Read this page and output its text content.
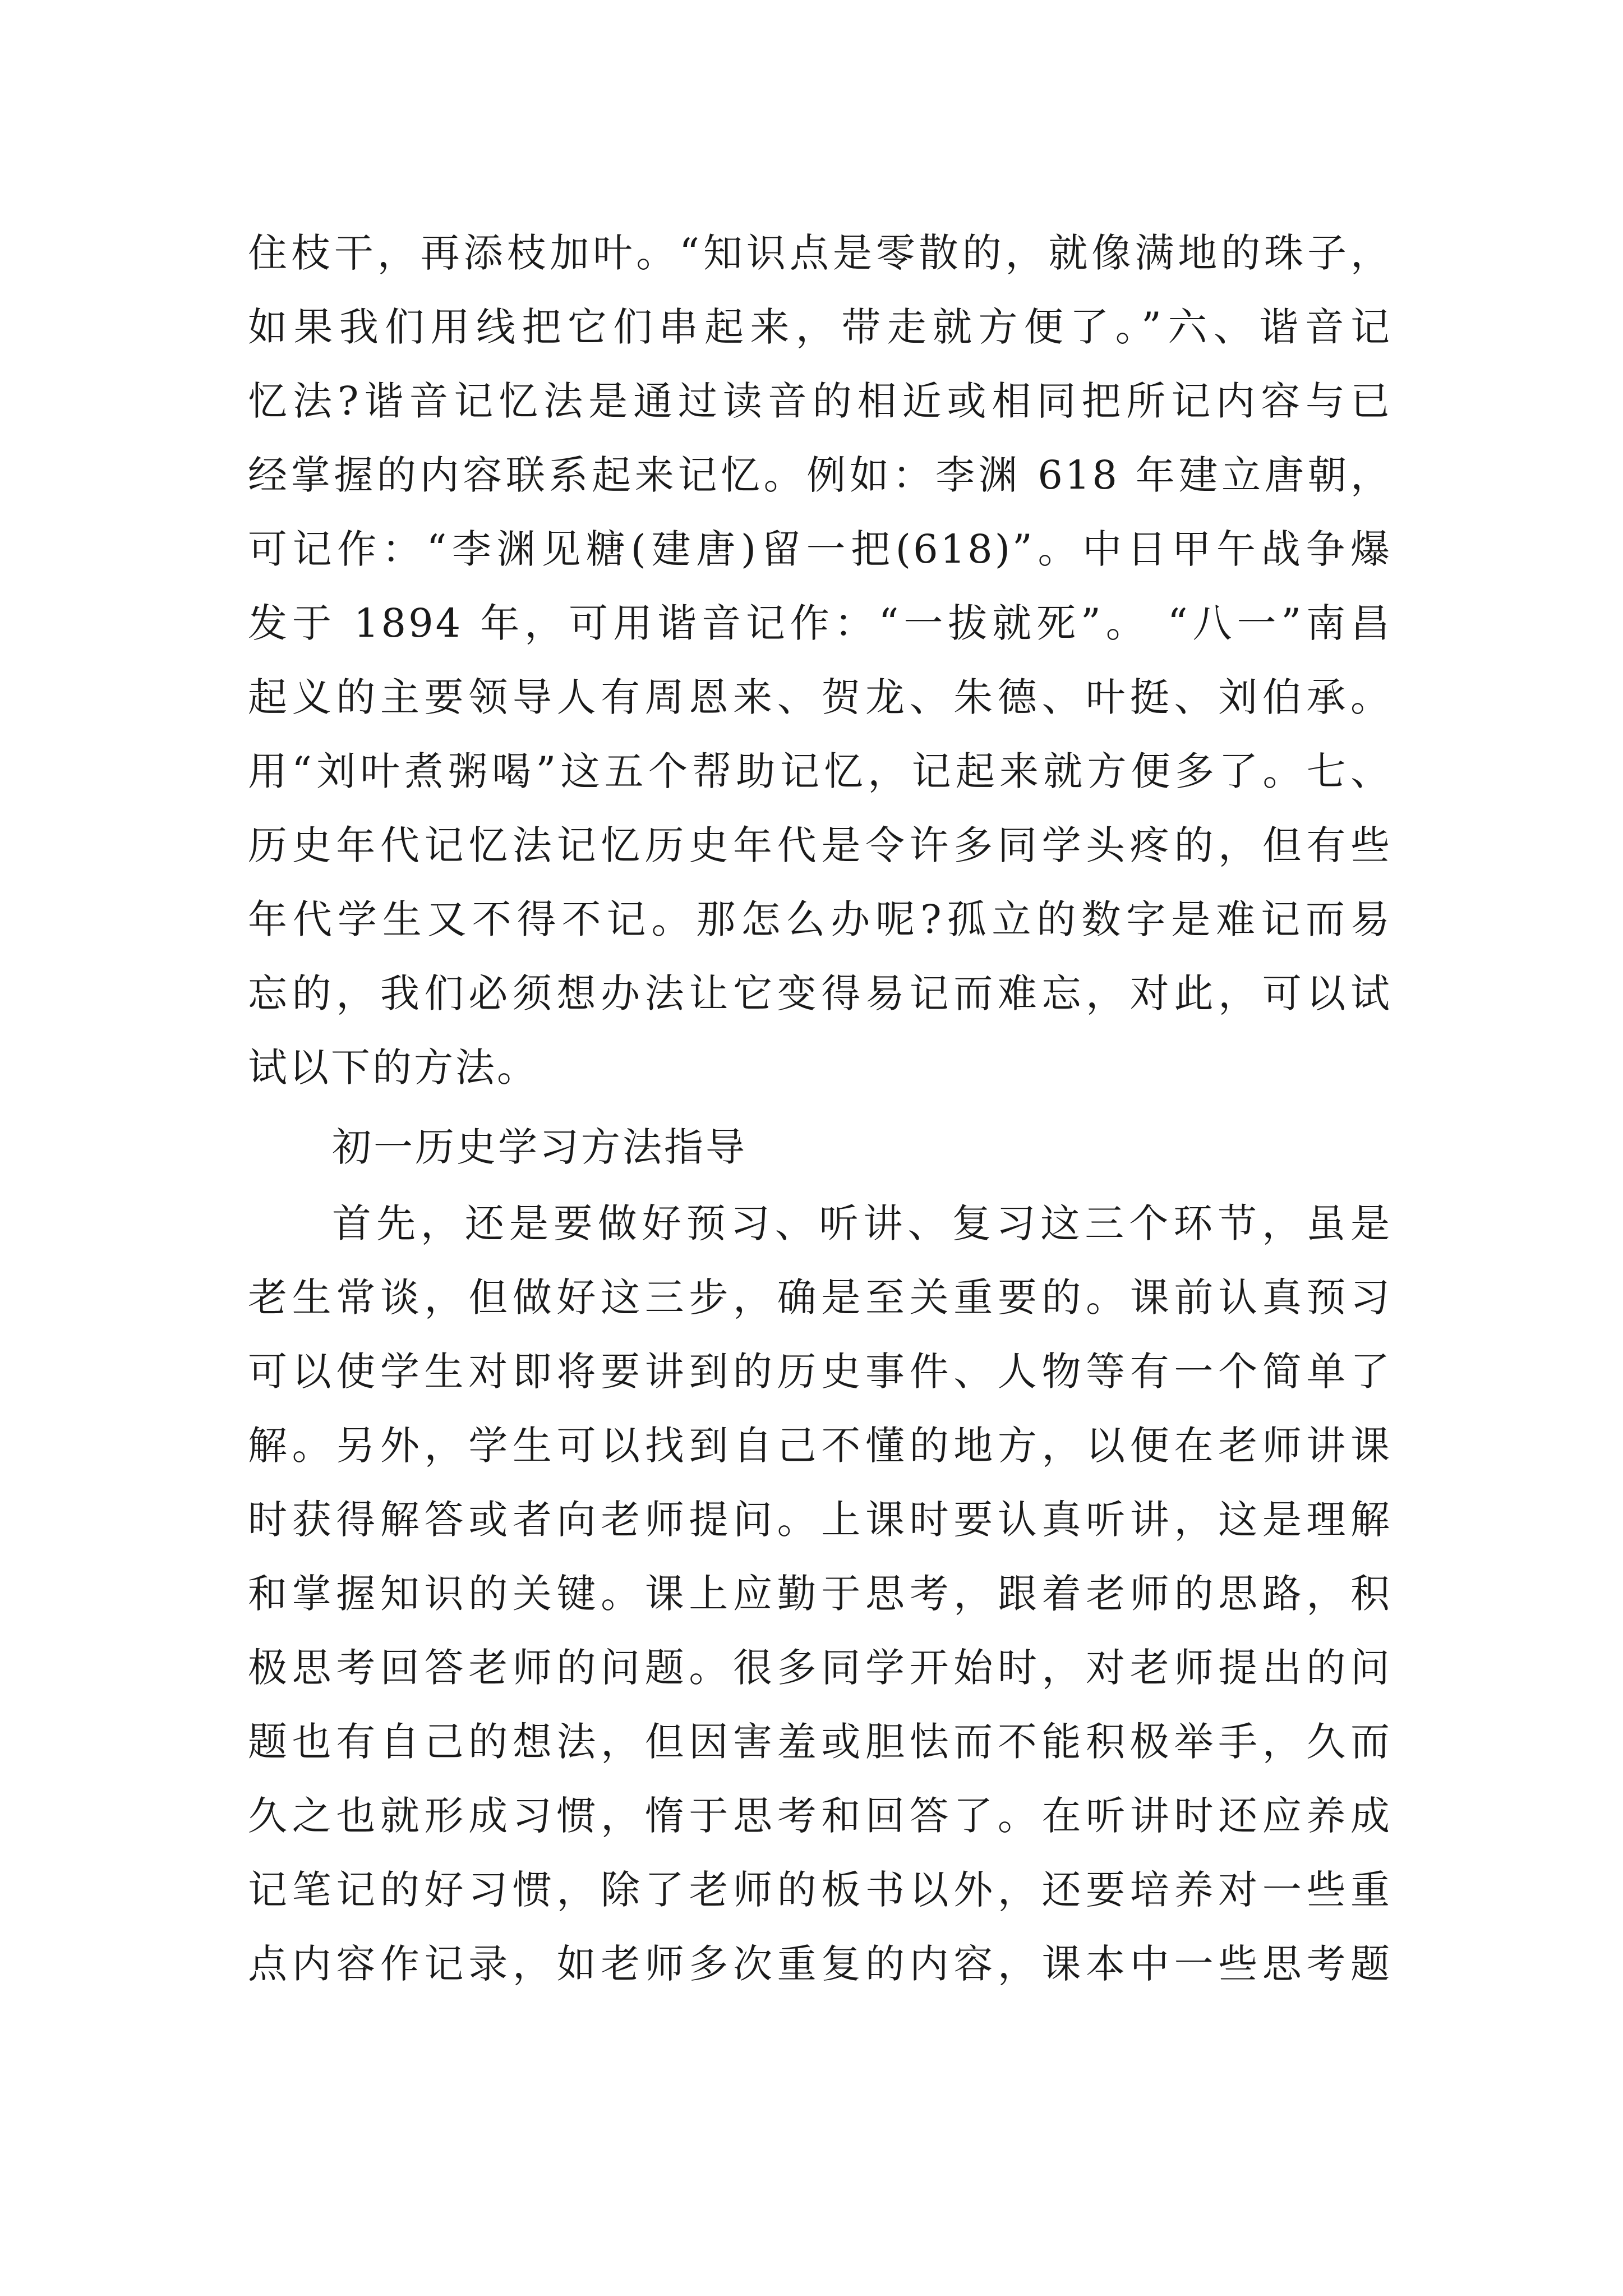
住枝干，再添枝加叶。“知识点是零散的，就像满地的珠子，
如果我们用线把它们串起来，带走就方便了。”六、谐音记
忆法?谐音记忆法是通过读音的相近或相同把所记内容与已
经掌握的内容联系起来记忆。例如：李渊 618 年建立唐朝，
可记作：“李渊见糖(建唐)留一把(618)”。中日甲午战争爆
发于 1894 年，可用谐音记作：“一拔就死”。 “八一”南昌
起义的主要领导人有周恩来、贺龙、朱德、叶挺、刘伯承。
用“刘叶煮粥喝”这五个帮助记忆，记起来就方便多了。七、
历史年代记忆法记忆历史年代是令许多同学头疼的，但有些
年代学生又不得不记。那怎么办呢?孤立的数字是难记而易
忘的，我们必须想办法让它变得易记而难忘，对此，可以试
试以下的方法。
初一历史学习方法指导
首先，还是要做好预习、听讲、复习这三个环节，虽是
老生常谈，但做好这三步，确是至关重要的。课前认真预习
可以使学生对即将要讲到的历史事件、人物等有一个简单了
解。另外，学生可以找到自己不懂的地方，以便在老师讲课
时获得解答或者向老师提问。上课时要认真听讲，这是理解
和掌握知识的关键。课上应勤于思考，跟着老师的思路，积
极思考回答老师的问题。很多同学开始时，对老师提出的问
题也有自己的想法，但因害羞或胆怯而不能积极举手，久而
久之也就形成习惯，惰于思考和回答了。在听讲时还应养成
记笔记的好习惯，除了老师的板书以外，还要培养对一些重
点内容作记录，如老师多次重复的内容，课本中一些思考题
